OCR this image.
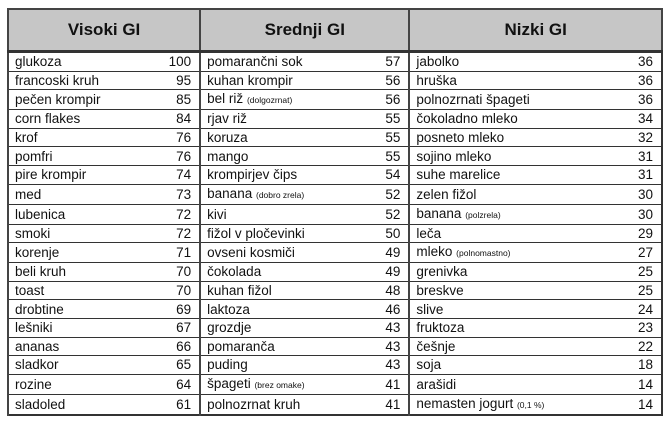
Visoki GI		Srednji GI		Nizki GI	
glukoza	100	pomarančni sok	57	jabolko	36
francoski kruh	95	kuhan krompir	56	hruška	36
pečen krompir	85	bel riž (dolgozrnat)	56	polnozrnati špageti	36
corn flakes	84	rjav riž	55	čokoladno mleko	34
krof	76	koruza	55	posneto mleko	32
pomfri	76	mango	55	sojino mleko	31
pire krompir	74	krompirjev čips	54	suhe marelice	31
med	73	banana (dobro zrela)	52	zelen fižol	30
lubenica	72	kivi	52	banana (polzrela)	30
smoki	72	fižol v pločevinki	50	leča	29
korenje	71	ovseni kosmiči	49	mleko (polnomastno)	27
beli kruh	70	čokolada	49	grenivka	25
toast	70	kuhan fižol	48	breskve	25
drobtine	69	laktoza	46	slive	24
lešniki	67	grozdje	43	fruktoza	23
ananas	66	pomaranča	43	češnje	22
sladkor	65	puding	43	soja	18
rozine	64	špageti (brez omake)	41	arašidi	14
sladoled	61	polnozrnat kruh	41	nemasten jogurt (0,1 %)	14
